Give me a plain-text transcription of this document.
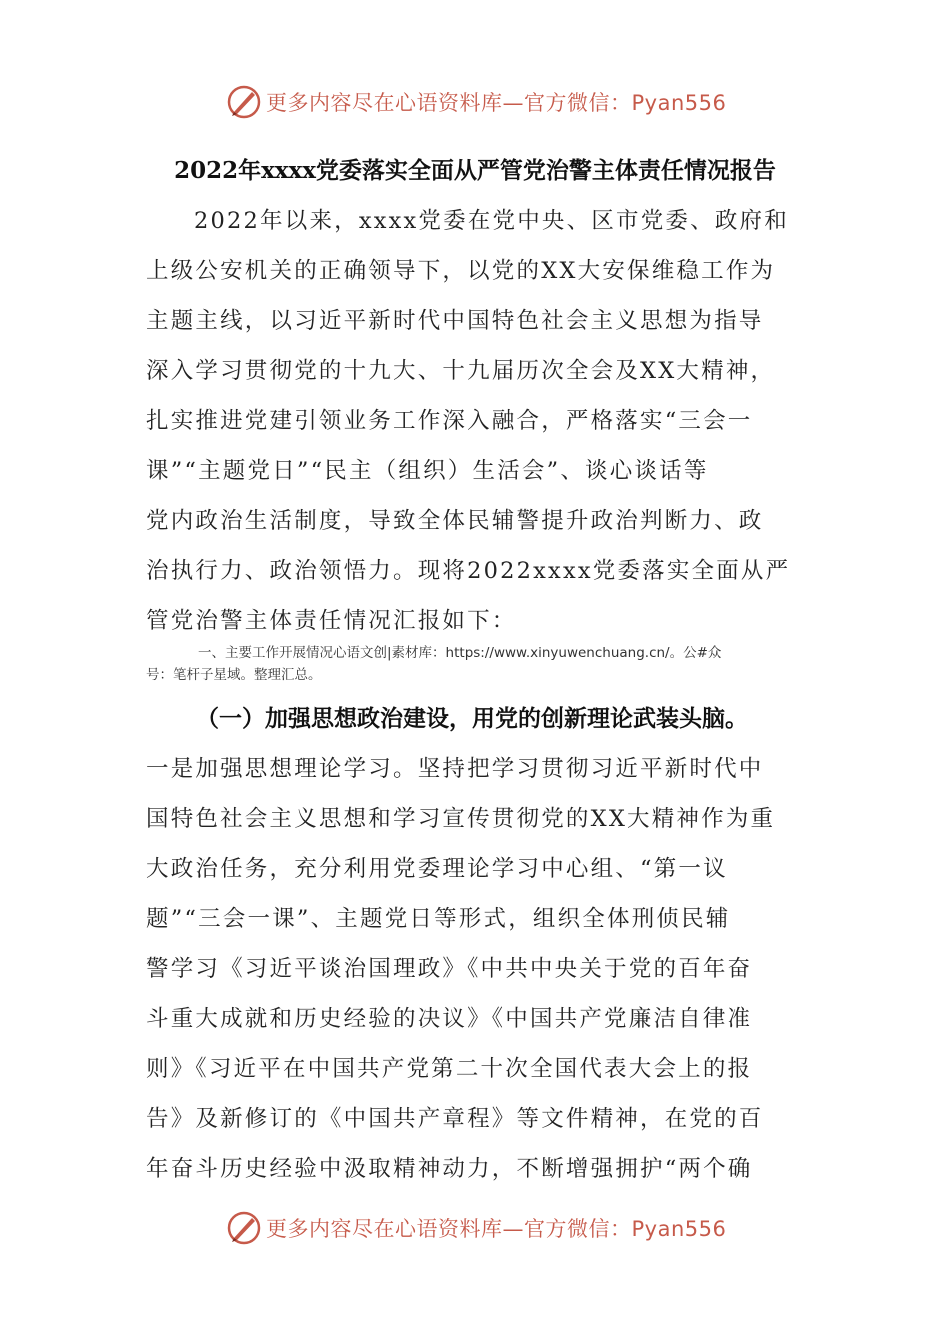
更多内容尽在心语资料库—官方微信：Pyan556
2022年xxxx党委落实全面从严管党治警主体责任情况报告
2022年以来，xxxx党委在党中央、区市党委、政府和
上级公安机关的正确领导下，以党的XX大安保维稳工作为
主题主线，以习近平新时代中国特色社会主义思想为指导
深入学习贯彻党的十九大、十九届历次全会及XX大精神，
扎实推进党建引领业务工作深入融合，严格落实“三会一
课”“主题党日”“民主（组织）生活会”、谈心谈话等
党内政治生活制度，导致全体民辅警提升政治判断力、政
治执行力、政治领悟力。现将2022xxxx党委落实全面从严
管党治警主体责任情况汇报如下：
一、主要工作开展情况心语文创|素材库：https://www.xinyuwenchuang.cn/。公#众
号：笔杆子星域。整理汇总。
（一）加强思想政治建设，用党的创新理论武装头脑。
一是加强思想理论学习。坚持把学习贯彻习近平新时代中
国特色社会主义思想和学习宣传贯彻党的XX大精神作为重
大政治任务，充分利用党委理论学习中心组、“第一议
题”“三会一课”、主题党日等形式，组织全体刑侦民辅
警学习《习近平谈治国理政》《中共中央关于党的百年奋
斗重大成就和历史经验的决议》《中国共产党廉洁自律准
则》《习近平在中国共产党第二十次全国代表大会上的报
告》及新修订的《中国共产章程》等文件精神，在党的百
年奋斗历史经验中汲取精神动力，不断增强拥护“两个确
更多内容尽在心语资料库—官方微信：Pyan556
